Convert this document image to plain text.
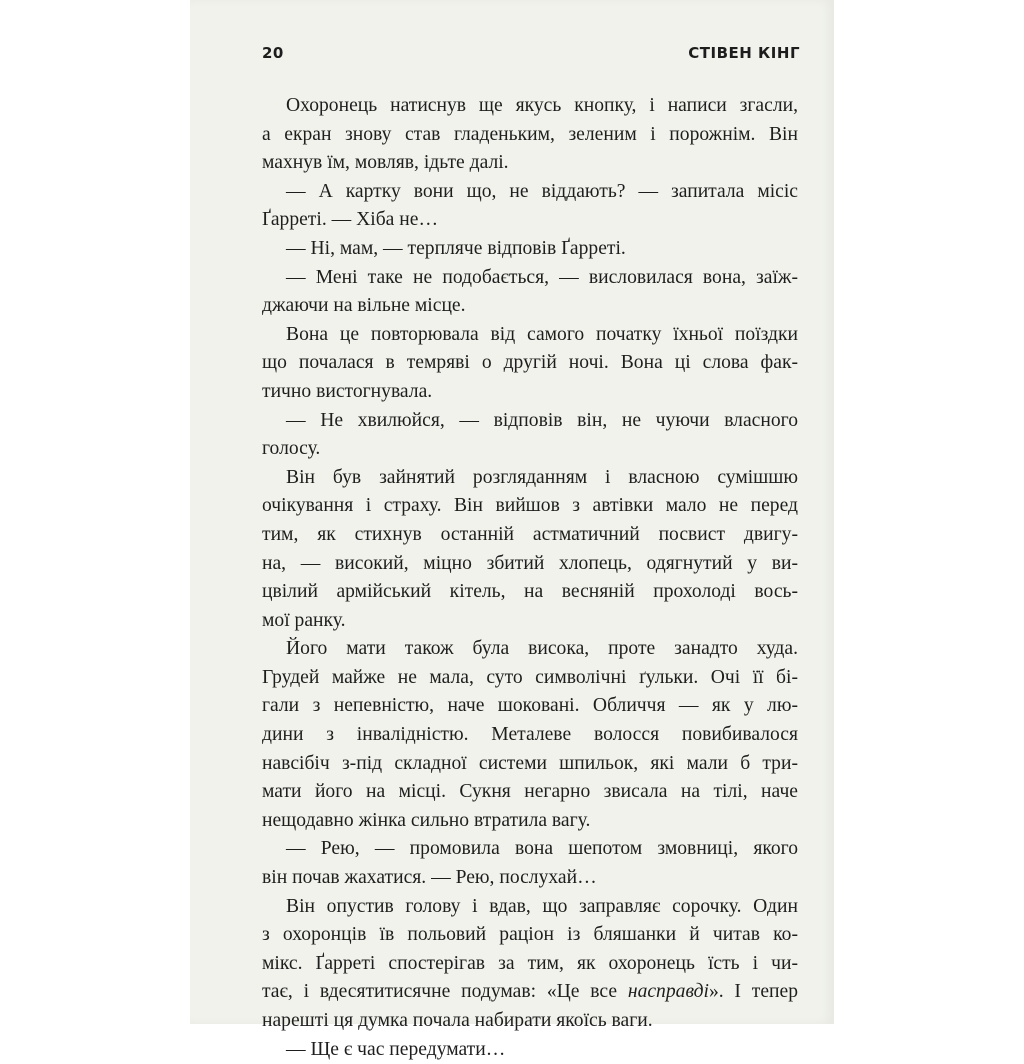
20	СТІВЕН КІНГ
Охоронець натиснув ще якусь кнопку, і написи згасли,
а екран знову став гладеньким, зеленим і порожнім. Він
махнув їм, мовляв, ідьте далі.
— А картку вони що, не віддають? — запитала місіс
Ґарреті. — Хіба не…
— Ні, мам, — терпляче відповів Ґарреті.
— Мені таке не подобається, — висловилася вона, заїж-
джаючи на вільне місце.
Вона це повторювала від самого початку їхньої поїздки
що почалася в темряві о другій ночі. Вона ці слова фак-
тично вистогнувала.
— Не хвилюйся, — відповів він, не чуючи власного
голосу.
Він був зайнятий розгляданням і власною сумішшю
очікування і страху. Він вийшов з автівки мало не перед
тим, як стихнув останній астматичний посвист двигу-
на, — високий, міцно збитий хлопець, одягнутий у ви-
цвілий армійський кітель, на весняній прохолоді вось-
мої ранку.
Його мати також була висока, проте занадто худа.
Грудей майже не мала, суто символічні ґульки. Очі її бі-
гали з непевністю, наче шоковані. Обличчя — як у лю-
дини з інвалідністю. Металеве волосся повибивалося
навсібіч з-під складної системи шпильок, які мали б три-
мати його на місці. Сукня негарно звисала на тілі, наче
нещодавно жінка сильно втратила вагу.
— Рею, — промовила вона шепотом змовниці, якого
він почав жахатися. — Рею, послухай…
Він опустив голову і вдав, що заправляє сорочку. Один
з охоронців їв польовий раціон із бляшанки й читав ко-
мікс. Ґарреті спостерігав за тим, як охоронець їсть і чи-
тає, і вдесятитисячне подумав: «Це все насправді». І тепер
нарешті ця думка почала набирати якоїсь ваги.
— Ще є час передумати…
